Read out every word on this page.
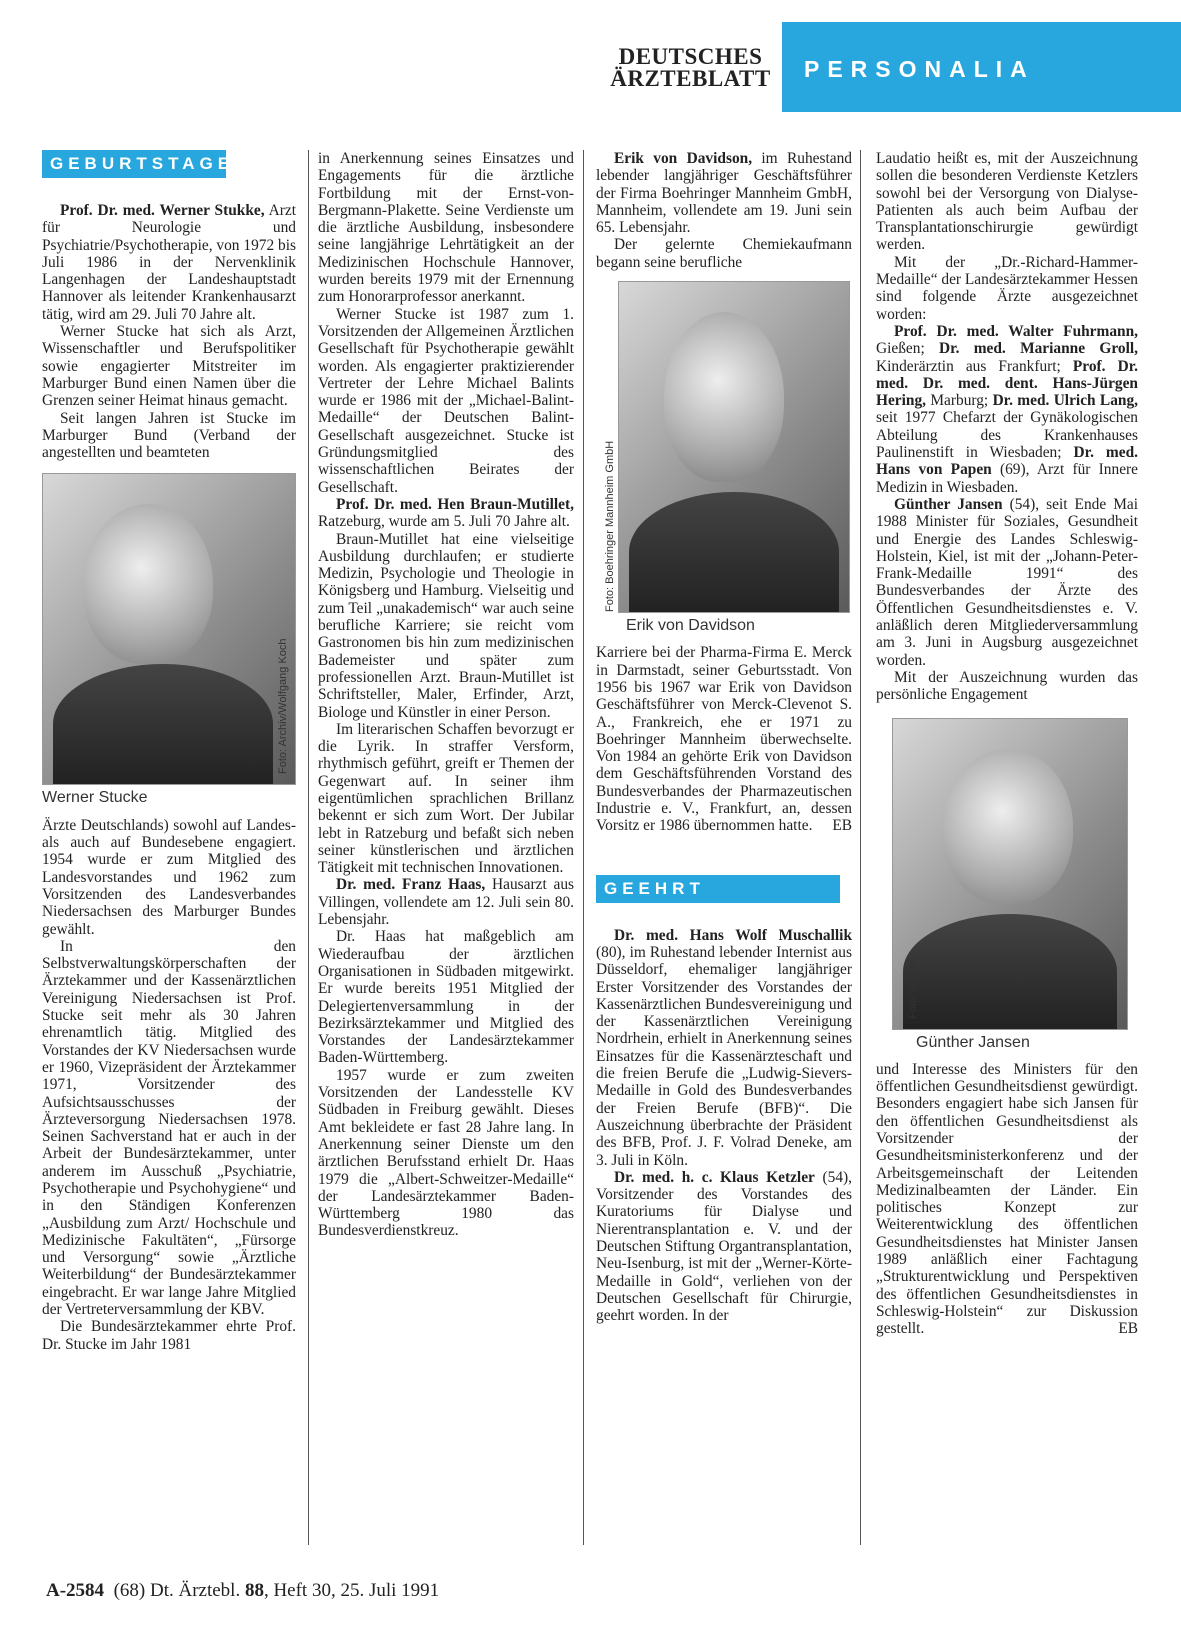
DEUTSCHES
ÄRZTEBLATT PERSONALIA
GEBURTSTAGE

Prof. Dr. med. Werner Stukke, Arzt für Neurologie und Psychiatrie/Psychotherapie, von 1972 bis Juli 1986 in der Nervenklinik Langenhagen der Landeshauptstadt Hannover als leitender Krankenhausarzt tätig, wird am 29. Juli 70 Jahre alt.

Werner Stucke hat sich als Arzt, Wissenschaftler und Berufspolitiker sowie engagierter Mitstreiter im Marburger Bund einen Namen über die Grenzen seiner Heimat hinaus gemacht.

Seit langen Jahren ist Stucke im Marburger Bund (Verband der angestellten und beamteten

Foto: Archiv/Wolfgang Koch
Werner Stucke

Ärzte Deutschlands) sowohl auf Landes- als auch auf Bundesebene engagiert. 1954 wurde er zum Mitglied des Landesvorstandes und 1962 zum Vorsitzenden des Landesverbandes Niedersachsen des Marburger Bundes gewählt.

In den Selbstverwaltungskörperschaften der Ärztekammer und der Kassenärztlichen Vereinigung Niedersachsen ist Prof. Stucke seit mehr als 30 Jahren ehrenamtlich tätig. Mitglied des Vorstandes der KV Niedersachsen wurde er 1960, Vizepräsident der Ärztekammer 1971, Vorsitzender des Aufsichtsausschusses der Ärzteversorgung Niedersachsen 1978. Seinen Sachverstand hat er auch in der Arbeit der Bundesärztekammer, unter anderem im Ausschuß „Psychiatrie, Psychotherapie und Psychohygiene“ und in den Ständigen Konferenzen „Ausbildung zum Arzt/ Hochschule und Medizinische Fakultäten“, „Fürsorge und Versorgung“ sowie „Ärztliche Weiterbildung“ der Bundesärztekammer eingebracht. Er war lange Jahre Mitglied der Vertreterversammlung der KBV.

Die Bundesärztekammer ehrte Prof. Dr. Stucke im Jahr 1981

in Anerkennung seines Einsatzes und Engagements für die ärztliche Fortbildung mit der Ernst-von-Bergmann-Plakette. Seine Verdienste um die ärztliche Ausbildung, insbesondere seine langjährige Lehrtätigkeit an der Medizinischen Hochschule Hannover, wurden bereits 1979 mit der Ernennung zum Honorarprofessor anerkannt.

Werner Stucke ist 1987 zum 1. Vorsitzenden der Allgemeinen Ärztlichen Gesellschaft für Psychotherapie gewählt worden. Als engagierter praktizierender Vertreter der Lehre Michael Balints wurde er 1986 mit der „Michael-Balint-Medaille“ der Deutschen Balint-Gesellschaft ausgezeichnet. Stucke ist Gründungsmitglied des wissenschaftlichen Beirates der Gesellschaft.

Prof. Dr. med. Hen Braun-Mutillet, Ratzeburg, wurde am 5. Juli 70 Jahre alt.

Braun-Mutillet hat eine vielseitige Ausbildung durchlaufen; er studierte Medizin, Psychologie und Theologie in Königsberg und Hamburg. Vielseitig und zum Teil „unakademisch“ war auch seine berufliche Karriere; sie reicht vom Gastronomen bis hin zum medizinischen Bademeister und später zum professionellen Arzt. Braun-Mutillet ist Schriftsteller, Maler, Erfinder, Arzt, Biologe und Künstler in einer Person.

Im literarischen Schaffen bevorzugt er die Lyrik. In straffer Versform, rhythmisch geführt, greift er Themen der Gegenwart auf. In seiner ihm eigentümlichen sprachlichen Brillanz bekennt er sich zum Wort. Der Jubilar lebt in Ratzeburg und befaßt sich neben seiner künstlerischen und ärztlichen Tätigkeit mit technischen Innovationen.

Dr. med. Franz Haas, Hausarzt aus Villingen, vollendete am 12. Juli sein 80. Lebensjahr.

Dr. Haas hat maßgeblich am Wiederaufbau der ärztlichen Organisationen in Südbaden mitgewirkt. Er wurde bereits 1951 Mitglied der Delegiertenversammlung in der Bezirksärztekammer und Mitglied des Vorstandes der Landesärztekammer Baden-Württemberg.

1957 wurde er zum zweiten Vorsitzenden der Landesstelle KV Südbaden in Freiburg gewählt. Dieses Amt bekleidete er fast 28 Jahre lang. In Anerkennung seiner Dienste um den ärztlichen Berufsstand erhielt Dr. Haas 1979 die „Albert-Schweitzer-Medaille“ der Landesärztekammer Baden-Württemberg 1980 das Bundesverdienstkreuz.

Erik von Davidson, im Ruhestand lebender langjähriger Geschäftsführer der Firma Boehringer Mannheim GmbH, Mannheim, vollendete am 19. Juni sein 65. Lebensjahr.

Der gelernte Chemiekaufmann begann seine berufliche

Foto: Boehringer Mannheim GmbH
Erik von Davidson

Karriere bei der Pharma-Firma E. Merck in Darmstadt, seiner Geburtsstadt. Von 1956 bis 1967 war Erik von Davidson Geschäftsführer von Merck-Clevenot S. A., Frankreich, ehe er 1971 zu Boehringer Mannheim überwechselte. Von 1984 an gehörte Erik von Davidson dem Geschäftsführenden Vorstand des Bundesverbandes der Pharmazeutischen Industrie e. V., Frankfurt, an, dessen Vorsitz er 1986 übernommen hatte. EB

GEEHRT

Dr. med. Hans Wolf Muschallik (80), im Ruhestand lebender Internist aus Düsseldorf, ehemaliger langjähriger Erster Vorsitzender des Vorstandes der Kassenärztlichen Bundesvereinigung und der Kassenärztlichen Vereinigung Nordrhein, erhielt in Anerkennung seines Einsatzes für die Kassenärzteschaft und die freien Berufe die „Ludwig-Sievers-Medaille in Gold des Bundesverbandes der Freien Berufe (BFB)“. Die Auszeichnung überbrachte der Präsident des BFB, Prof. J. F. Volrad Deneke, am 3. Juli in Köln.

Dr. med. h. c. Klaus Ketzler (54), Vorsitzender des Vorstandes des Kuratoriums für Dialyse und Nierentransplantation e. V. und der Deutschen Stiftung Organtransplantation, Neu-Isenburg, ist mit der „Werner-Körte-Medaille in Gold“, verliehen von der Deutschen Gesellschaft für Chirurgie, geehrt worden. In der

Laudatio heißt es, mit der Auszeichnung sollen die besonderen Verdienste Ketzlers sowohl bei der Versorgung von Dialyse-Patienten als auch beim Aufbau der Transplantationschirurgie gewürdigt werden.

Mit der „Dr.-Richard-Hammer-Medaille“ der Landesärztekammer Hessen sind folgende Ärzte ausgezeichnet worden:

Prof. Dr. med. Walter Fuhrmann, Gießen; Dr. med. Marianne Groll, Kinderärztin aus Frankfurt; Prof. Dr. med. Dr. med. dent. Hans-Jürgen Hering, Marburg; Dr. med. Ulrich Lang, seit 1977 Chefarzt der Gynäkologischen Abteilung des Krankenhauses Paulinenstift in Wiesbaden; Dr. med. Hans von Papen (69), Arzt für Innere Medizin in Wiesbaden.

Günther Jansen (54), seit Ende Mai 1988 Minister für Soziales, Gesundheit und Energie des Landes Schleswig-Holstein, Kiel, ist mit der „Johann-Peter-Frank-Medaille 1991“ des Bundesverbandes der Ärzte des Öffentlichen Gesundheitsdienstes e. V. anläßlich deren Mitgliederversammlung am 3. Juni in Augsburg ausgezeichnet worden.

Mit der Auszeichnung wurden das persönliche Engagement

Foto: Archiv
Günther Jansen

und Interesse des Ministers für den öffentlichen Gesundheitsdienst gewürdigt. Besonders engagiert habe sich Jansen für den öffentlichen Gesundheitsdienst als Vorsitzender der Gesundheitsministerkonferenz und der Arbeitsgemeinschaft der Leitenden Medizinalbeamten der Länder. Ein politisches Konzept zur Weiterentwicklung des öffentlichen Gesundheitsdienstes hat Minister Jansen 1989 anläßlich einer Fachtagung „Strukturentwicklung und Perspektiven des öffentlichen Gesundheitsdienstes in Schleswig-Holstein“ zur Diskussion gestellt.	EB

A-2584 (68) Dt. Ärztebl. 88, Heft 30, 25. Juli 1991
